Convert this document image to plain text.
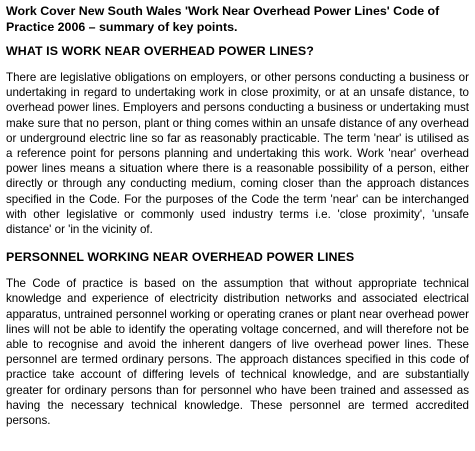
Work Cover New South Wales 'Work Near Overhead Power Lines' Code of Practice 2006 – summary of key points.
WHAT IS WORK NEAR OVERHEAD POWER LINES?

There are legislative obligations on employers, or other persons conducting a business or undertaking in regard to undertaking work in close proximity, or at an unsafe distance, to overhead power lines. Employers and persons conducting a business or undertaking must make sure that no person, plant or thing comes within an unsafe distance of any overhead or underground electric line so far as reasonably practicable. The term 'near' is utilised as a reference point for persons planning and undertaking this work. Work 'near' overhead power lines means a situation where there is a reasonable possibility of a person, either directly or through any conducting medium, coming closer than the approach distances specified in the Code. For the purposes of the Code the term 'near' can be interchanged with other legislative or commonly used industry terms i.e. 'close proximity', 'unsafe distance' or 'in the vicinity of.

PERSONNEL WORKING NEAR OVERHEAD POWER LINES

The Code of practice is based on the assumption that without appropriate technical knowledge and experience of electricity distribution networks and associated electrical apparatus, untrained personnel working or operating cranes or plant near overhead power lines will not be able to identify the operating voltage concerned, and will therefore not be able to recognise and avoid the inherent dangers of live overhead power lines. These personnel are termed ordinary persons. The approach distances specified in this code of practice take account of differing levels of technical knowledge, and are substantially greater for ordinary persons than for personnel who have been trained and assessed as having the necessary technical knowledge. These personnel are termed accredited persons.
